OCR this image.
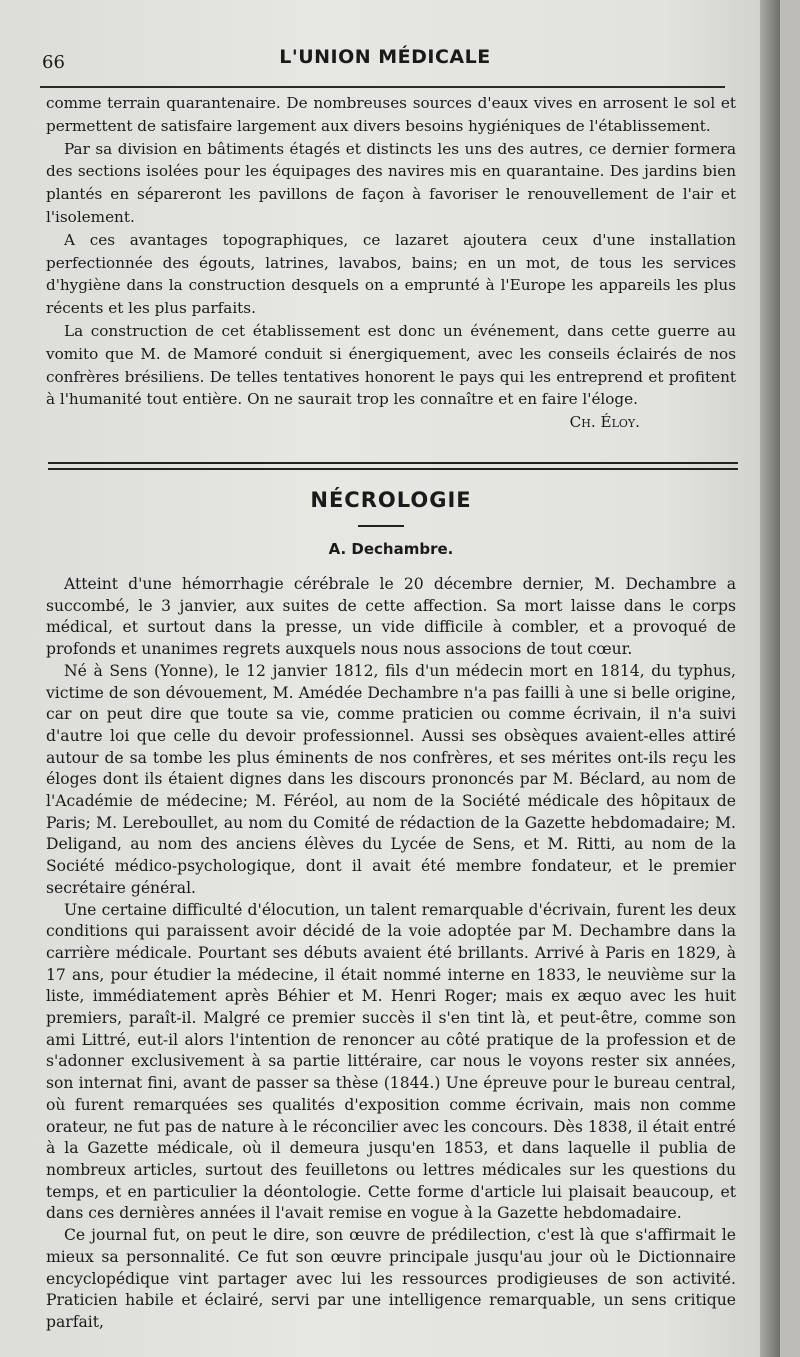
66	L'UNION MÉDICALE

comme terrain quarantenaire. De nombreuses sources d'eaux vives en arrosent le sol et permettent de satisfaire largement aux divers besoins hygiéniques de l'établissement.

Par sa division en bâtiments étagés et distincts les uns des autres, ce dernier formera des sections isolées pour les équipages des navires mis en quarantaine. Des jardins bien plantés en sépareront les pavillons de façon à favoriser le renouvellement de l'air et l'isolement.

A ces avantages topographiques, ce lazaret ajoutera ceux d'une installation perfectionnée des égouts, latrines, lavabos, bains; en un mot, de tous les services d'hygiène dans la construction desquels on a emprunté à l'Europe les appareils les plus récents et les plus parfaits.

La construction de cet établissement est donc un événement, dans cette guerre au vomito que M. de Mamoré conduit si énergiquement, avec les conseils éclairés de nos confrères brésiliens. De telles tentatives honorent le pays qui les entreprend et profitent à l'humanité tout entière. On ne saurait trop les connaître et en faire l'éloge.

Ch. Éloy.
NÉCROLOGIE
A. Dechambre.

Atteint d'une hémorrhagie cérébrale le 20 décembre dernier, M. Dechambre a succombé, le 3 janvier, aux suites de cette affection. Sa mort laisse dans le corps médical, et surtout dans la presse, un vide difficile à combler, et a provoqué de profonds et unanimes regrets auxquels nous nous associons de tout cœur.

Né à Sens (Yonne), le 12 janvier 1812, fils d'un médecin mort en 1814, du typhus, victime de son dévouement, M. Amédée Dechambre n'a pas failli à une si belle origine, car on peut dire que toute sa vie, comme praticien ou comme écrivain, il n'a suivi d'autre loi que celle du devoir professionnel. Aussi ses obsèques avaient-elles attiré autour de sa tombe les plus éminents de nos confrères, et ses mérites ont-ils reçu les éloges dont ils étaient dignes dans les discours prononcés par M. Béclard, au nom de l'Académie de médecine; M. Féréol, au nom de la Société médicale des hôpitaux de Paris; M. Lereboullet, au nom du Comité de rédaction de la Gazette hebdomadaire; M. Deligand, au nom des anciens élèves du Lycée de Sens, et M. Ritti, au nom de la Société médico-psychologique, dont il avait été membre fondateur, et le premier secrétaire général.

Une certaine difficulté d'élocution, un talent remarquable d'écrivain, furent les deux conditions qui paraissent avoir décidé de la voie adoptée par M. Dechambre dans la carrière médicale. Pourtant ses débuts avaient été brillants. Arrivé à Paris en 1829, à 17 ans, pour étudier la médecine, il était nommé interne en 1833, le neuvième sur la liste, immédiatement après Béhier et M. Henri Roger; mais ex æquo avec les huit premiers, paraît-il. Malgré ce premier succès il s'en tint là, et peut-être, comme son ami Littré, eut-il alors l'intention de renoncer au côté pratique de la profession et de s'adonner exclusivement à sa partie littéraire, car nous le voyons rester six années, son internat fini, avant de passer sa thèse (1844.) Une épreuve pour le bureau central, où furent remarquées ses qualités d'exposition comme écrivain, mais non comme orateur, ne fut pas de nature à le réconcilier avec les concours. Dès 1838, il était entré à la Gazette médicale, où il demeura jusqu'en 1853, et dans laquelle il publia de nombreux articles, surtout des feuilletons ou lettres médicales sur les questions du temps, et en particulier la déontologie. Cette forme d'article lui plaisait beaucoup, et dans ces dernières années il l'avait remise en vogue à la Gazette hebdomadaire.

Ce journal fut, on peut le dire, son œuvre de prédilection, c'est là que s'affirmait le mieux sa personnalité. Ce fut son œuvre principale jusqu'au jour où le Dictionnaire encyclopédique vint partager avec lui les ressources prodigieuses de son activité. Praticien habile et éclairé, servi par une intelligence remarquable, un sens critique parfait,
